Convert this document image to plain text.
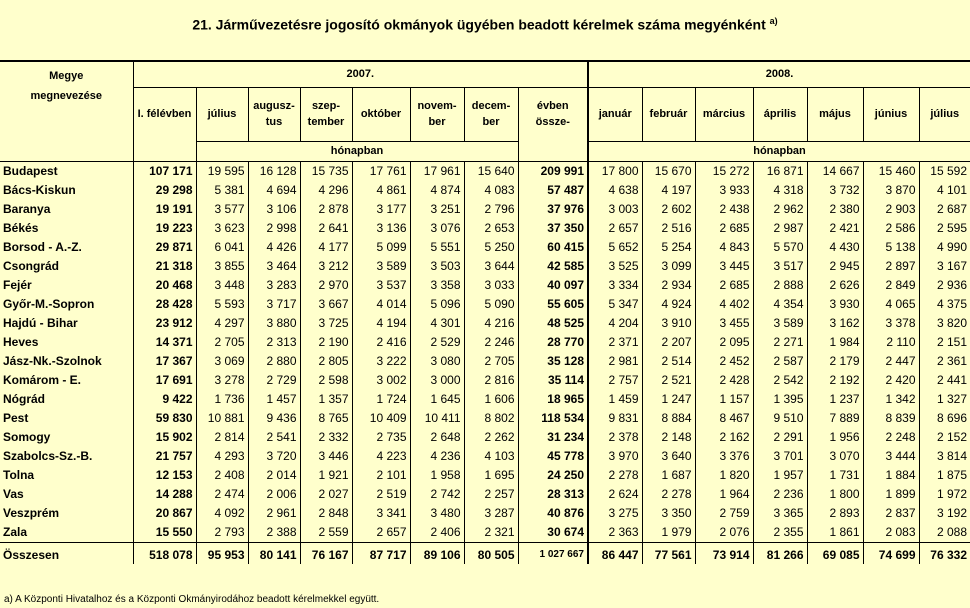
21. Járművezetésre jogosító okmányok ügyében beadott kérelmek száma megyénként $^{a)}$
Megye
megnevezése	2007.								2008.						
	I. félévben	július	augusz-tus	szep-tember	október	novem-ber	decem-ber	évben össze-	január	február	március	április	május	június	július
		hónapban							hónapban						
Budapest	107 171	19 595	16 128	15 735	17 761	17 961	15 640	209 991	17 800	15 670	15 272	16 871	14 667	15 460	15 592
Bács-Kiskun	29 298	5 381	4 694	4 296	4 861	4 874	4 083	57 487	4 638	4 197	3 933	4 318	3 732	3 870	4 101
Baranya	19 191	3 577	3 106	2 878	3 177	3 251	2 796	37 976	3 003	2 602	2 438	2 962	2 380	2 903	2 687
Békés	19 223	3 623	2 998	2 641	3 136	3 076	2 653	37 350	2 657	2 516	2 685	2 987	2 421	2 586	2 595
Borsod - A.-Z.	29 871	6 041	4 426	4 177	5 099	5 551	5 250	60 415	5 652	5 254	4 843	5 570	4 430	5 138	4 990
Csongrád	21 318	3 855	3 464	3 212	3 589	3 503	3 644	42 585	3 525	3 099	3 445	3 517	2 945	2 897	3 167
Fejér	20 468	3 448	3 283	2 970	3 537	3 358	3 033	40 097	3 334	2 934	2 685	2 888	2 626	2 849	2 936
Győr-M.-Sopron	28 428	5 593	3 717	3 667	4 014	5 096	5 090	55 605	5 347	4 924	4 402	4 354	3 930	4 065	4 375
Hajdú - Bihar	23 912	4 297	3 880	3 725	4 194	4 301	4 216	48 525	4 204	3 910	3 455	3 589	3 162	3 378	3 820
Heves	14 371	2 705	2 313	2 190	2 416	2 529	2 246	28 770	2 371	2 207	2 095	2 271	1 984	2 110	2 151
Jász-Nk.-Szolnok	17 367	3 069	2 880	2 805	3 222	3 080	2 705	35 128	2 981	2 514	2 452	2 587	2 179	2 447	2 361
Komárom - E.	17 691	3 278	2 729	2 598	3 002	3 000	2 816	35 114	2 757	2 521	2 428	2 542	2 192	2 420	2 441
Nógrád	9 422	1 736	1 457	1 357	1 724	1 645	1 606	18 965	1 459	1 247	1 157	1 395	1 237	1 342	1 327
Pest	59 830	10 881	9 436	8 765	10 409	10 411	8 802	118 534	9 831	8 884	8 467	9 510	7 889	8 839	8 696
Somogy	15 902	2 814	2 541	2 332	2 735	2 648	2 262	31 234	2 378	2 148	2 162	2 291	1 956	2 248	2 152
Szabolcs-Sz.-B.	21 757	4 293	3 720	3 446	4 223	4 236	4 103	45 778	3 970	3 640	3 376	3 701	3 070	3 444	3 814
Tolna	12 153	2 408	2 014	1 921	2 101	1 958	1 695	24 250	2 278	1 687	1 820	1 957	1 731	1 884	1 875
Vas	14 288	2 474	2 006	2 027	2 519	2 742	2 257	28 313	2 624	2 278	1 964	2 236	1 800	1 899	1 972
Veszprém	20 867	4 092	2 961	2 848	3 341	3 480	3 287	40 876	3 275	3 350	2 759	3 365	2 893	2 837	3 192
Zala	15 550	2 793	2 388	2 559	2 657	2 406	2 321	30 674	2 363	1 979	2 076	2 355	1 861	2 083	2 088
Összesen	518 078	95 953	80 141	76 167	87 717	89 106	80 505	1 027 667	86 447	77 561	73 914	81 266	69 085	74 699	76 332
a) A Központi Hivatalhoz és a Központi Okmányirodához beadott kérelmekkel együtt.
